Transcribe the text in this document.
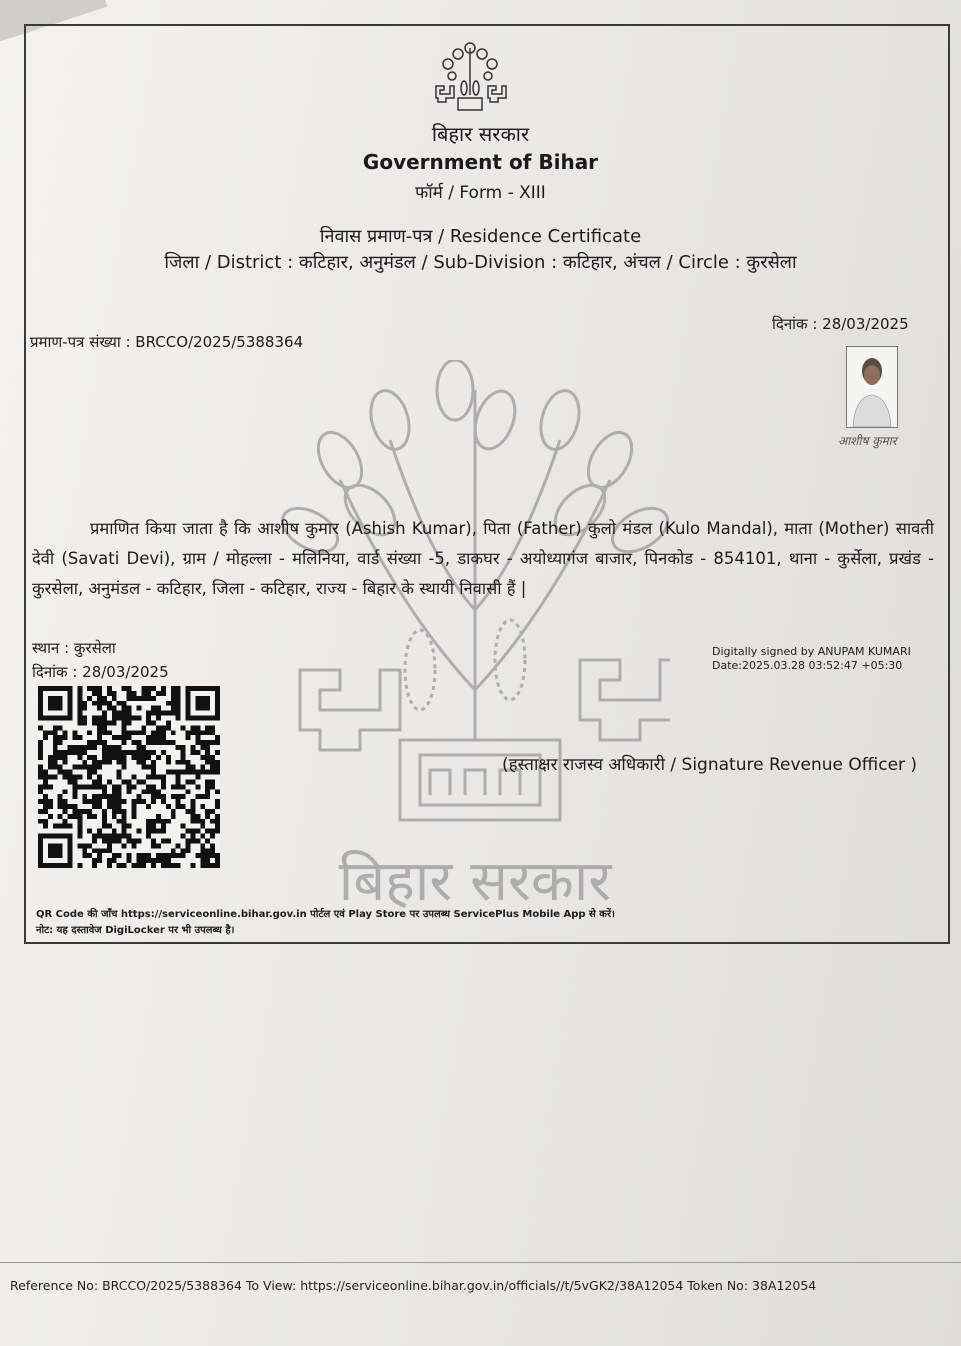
बिहार सरकार
बिहार सरकार
Government of Bihar
फॉर्म / Form - XIII
निवास प्रमाण-पत्र / Residence Certificate
जिला / District : कटिहार, अनुमंडल / Sub-Division : कटिहार, अंचल / Circle : कुरसेला
प्रमाण-पत्र संख्या : BRCCO/2025/5388364
दिनांक : 28/03/2025
आशीष कुमार
प्रमाणित किया जाता है कि आशीष कुमार (Ashish Kumar), पिता (Father) कुलो मंडल (Kulo Mandal), माता (Mother) सावती देवी (Savati Devi), ग्राम / मोहल्ला - मलिनिया, वार्ड संख्या -5, डाकघर - अयोध्यागंज बाजार, पिनकोड - 854101, थाना - कुर्सेला, प्रखंड - कुरसेला, अनुमंडल - कटिहार, जिला - कटिहार, राज्य - बिहार के स्थायी निवासी हैं |
स्थान : कुरसेला
दिनांक : 28/03/2025
Digitally signed by ANUPAM KUMARI
Date:2025.03.28 03:52:47 +05:30
(हस्ताक्षर राजस्व अधिकारी / Signature Revenue Officer )
QR Code की जाँच https://serviceonline.bihar.gov.in पोर्टल एवं Play Store पर उपलब्ध ServicePlus Mobile App से करें।
नोट: यह दस्तावेज DigiLocker पर भी उपलब्ध है।
Reference No: BRCCO/2025/5388364 To View: https://serviceonline.bihar.gov.in/officials//t/5vGK2/38A12054 Token No: 38A12054
